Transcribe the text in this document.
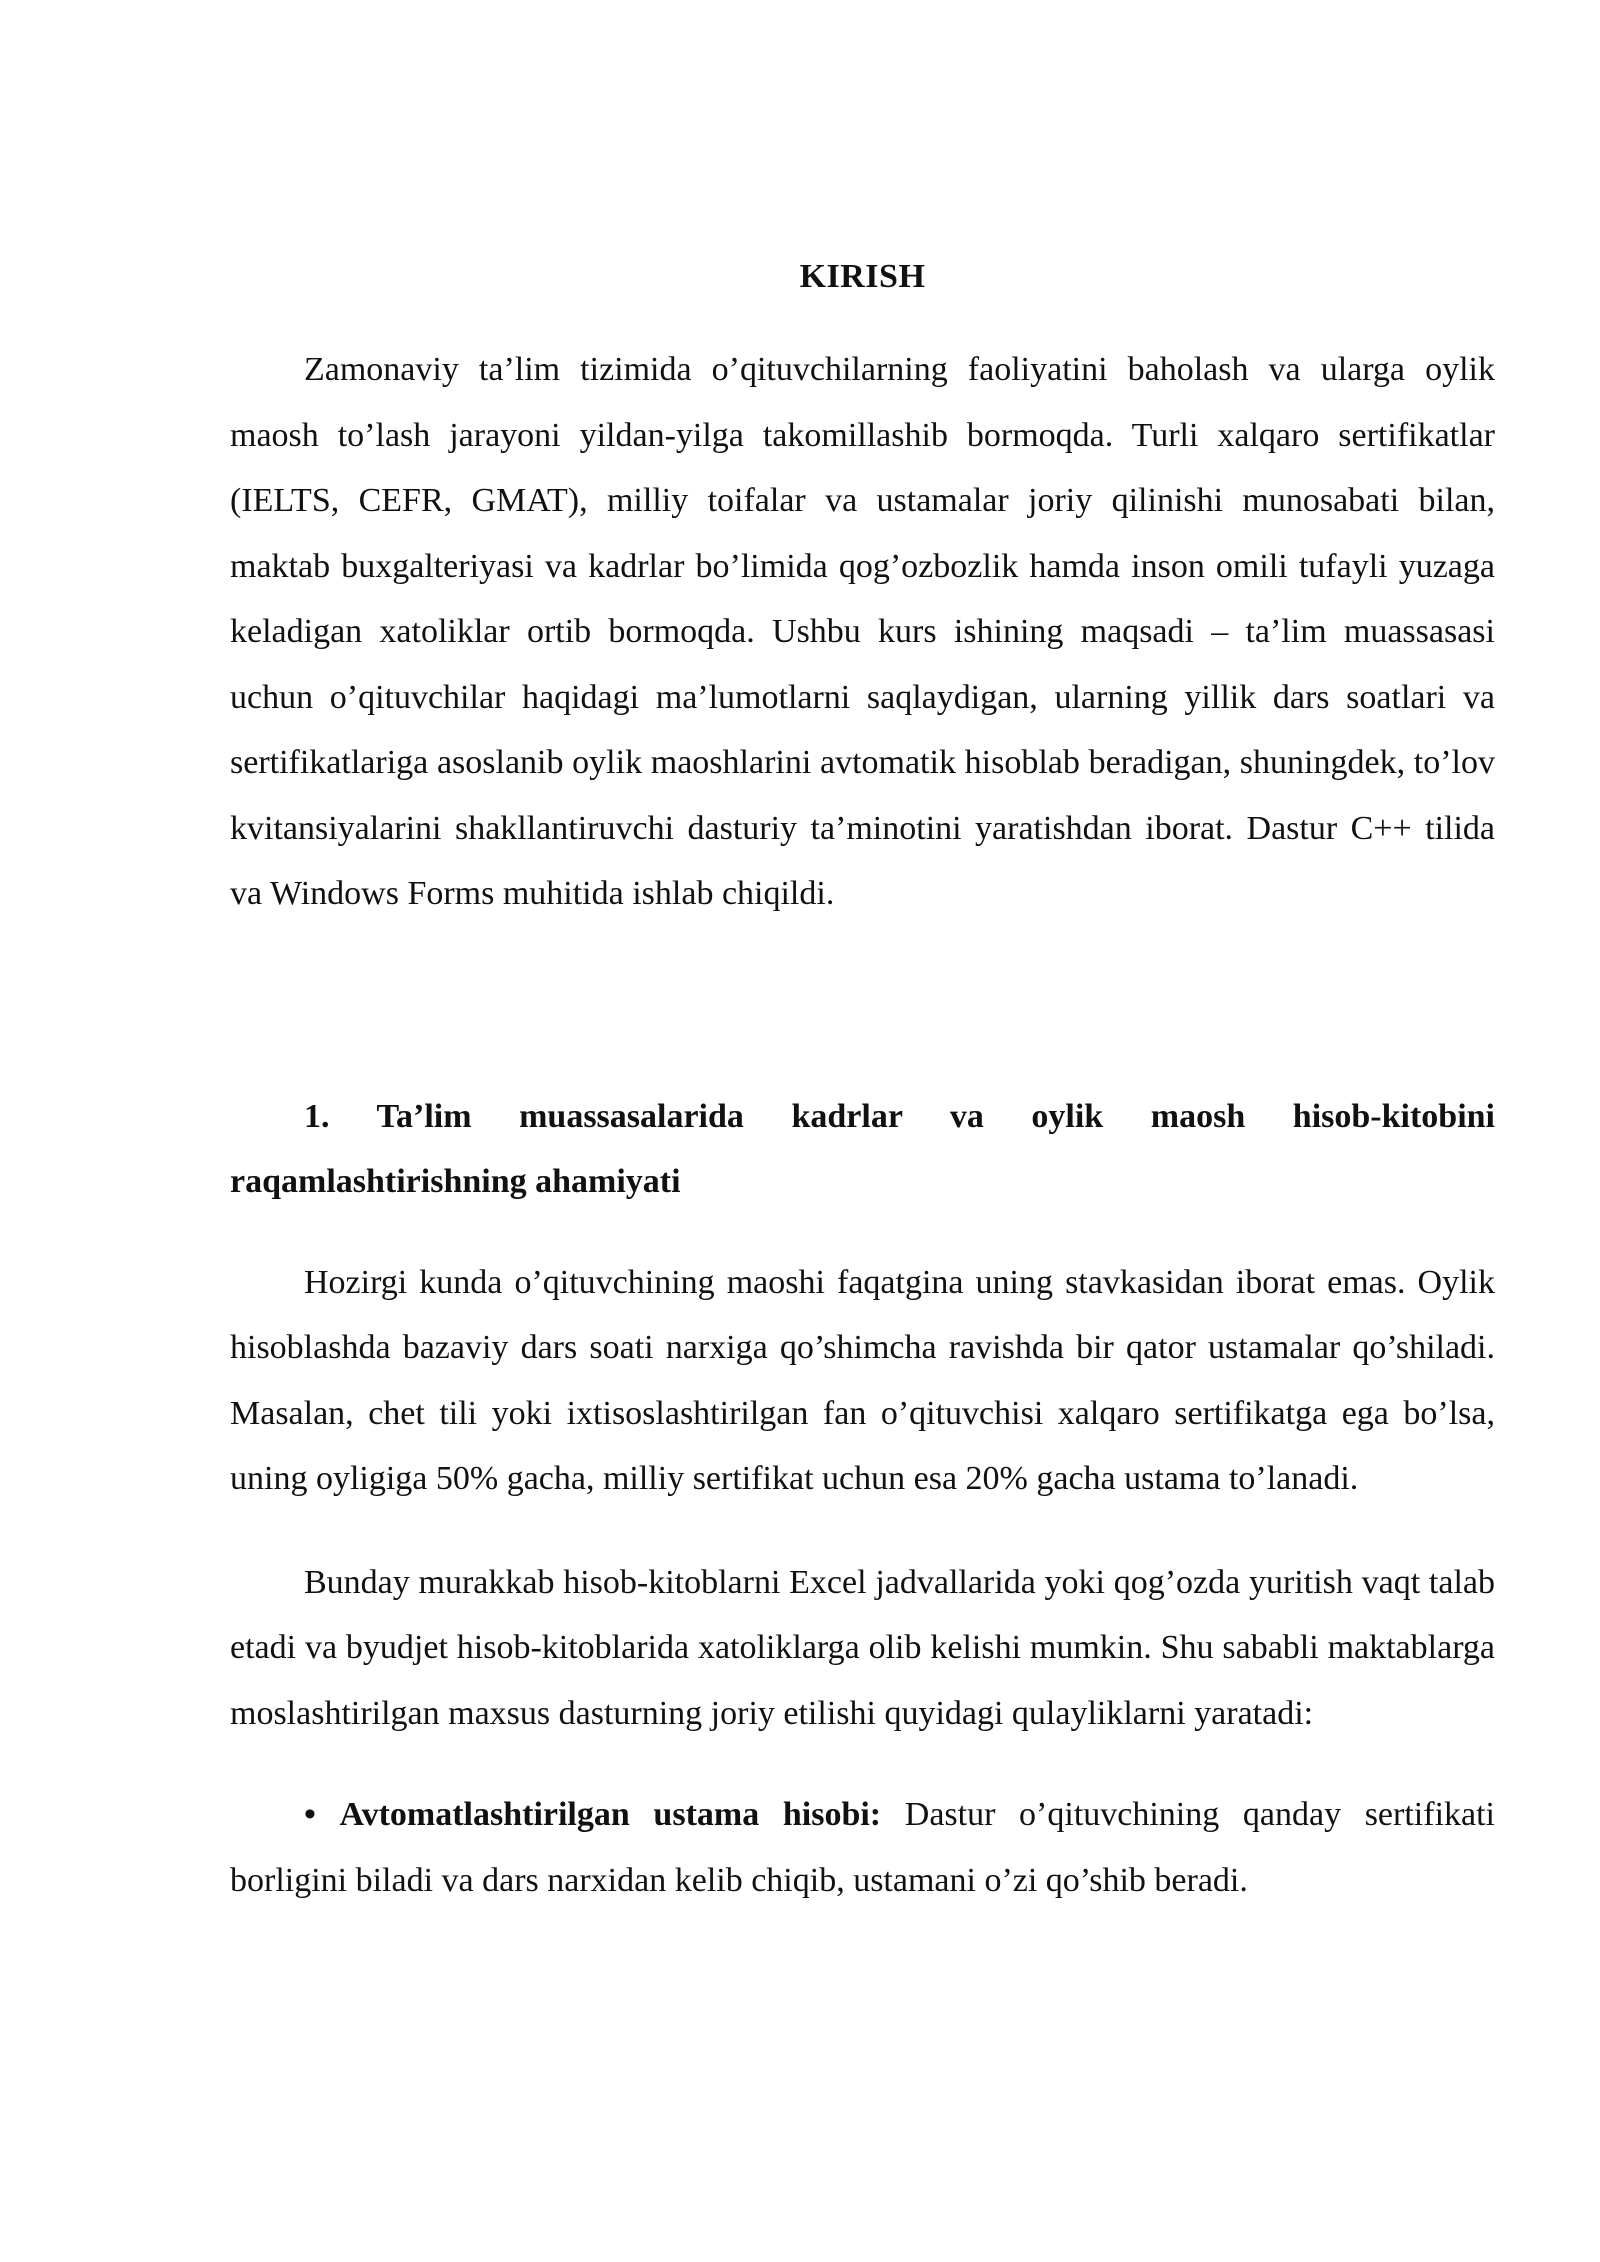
KIRISH

Zamonaviy ta’lim tizimida o’qituvchilarning faoliyatini baholash va ularga oylik maosh to’lash jarayoni yildan-yilga takomillashib bormoqda. Turli xalqaro sertifikatlar (IELTS, CEFR, GMAT), milliy toifalar va ustamalar joriy qilinishi munosabati bilan, maktab buxgalteriyasi va kadrlar bo’limida qog’ozbozlik hamda inson omili tufayli yuzaga keladigan xatoliklar ortib bormoqda. Ushbu kurs ishining maqsadi – ta’lim muassasasi uchun o’qituvchilar haqidagi ma’lumotlarni saqlaydigan, ularning yillik dars soatlari va sertifikatlariga asoslanib oylik maoshlarini avtomatik hisoblab beradigan, shuningdek, to’lov kvitansiyalarini shakllantiruvchi dasturiy ta’minotini yaratishdan iborat. Dastur C++ tilida va Windows Forms muhitida ishlab chiqildi.

1. Ta’lim muassasalarida kadrlar va oylik maosh hisob-kitobini raqamlashtirishning ahamiyati

Hozirgi kunda o’qituvchining maoshi faqatgina uning stavkasidan iborat emas. Oylik hisoblashda bazaviy dars soati narxiga qo’shimcha ravishda bir qator ustamalar qo’shiladi. Masalan, chet tili yoki ixtisoslashtirilgan fan o’qituvchisi xalqaro sertifikatga ega bo’lsa, uning oyligiga 50% gacha, milliy sertifikat uchun esa 20% gacha ustama to’lanadi.

Bunday murakkab hisob-kitoblarni Excel jadvallarida yoki qog’ozda yuritish vaqt talab etadi va byudjet hisob-kitoblarida xatoliklarga olib kelishi mumkin. Shu sababli maktablarga moslashtirilgan maxsus dasturning joriy etilishi quyidagi qulayliklarni yaratadi:

• Avtomatlashtirilgan ustama hisobi: Dastur o’qituvchining qanday sertifikati borligini biladi va dars narxidan kelib chiqib, ustamani o’zi qo’shib beradi.
